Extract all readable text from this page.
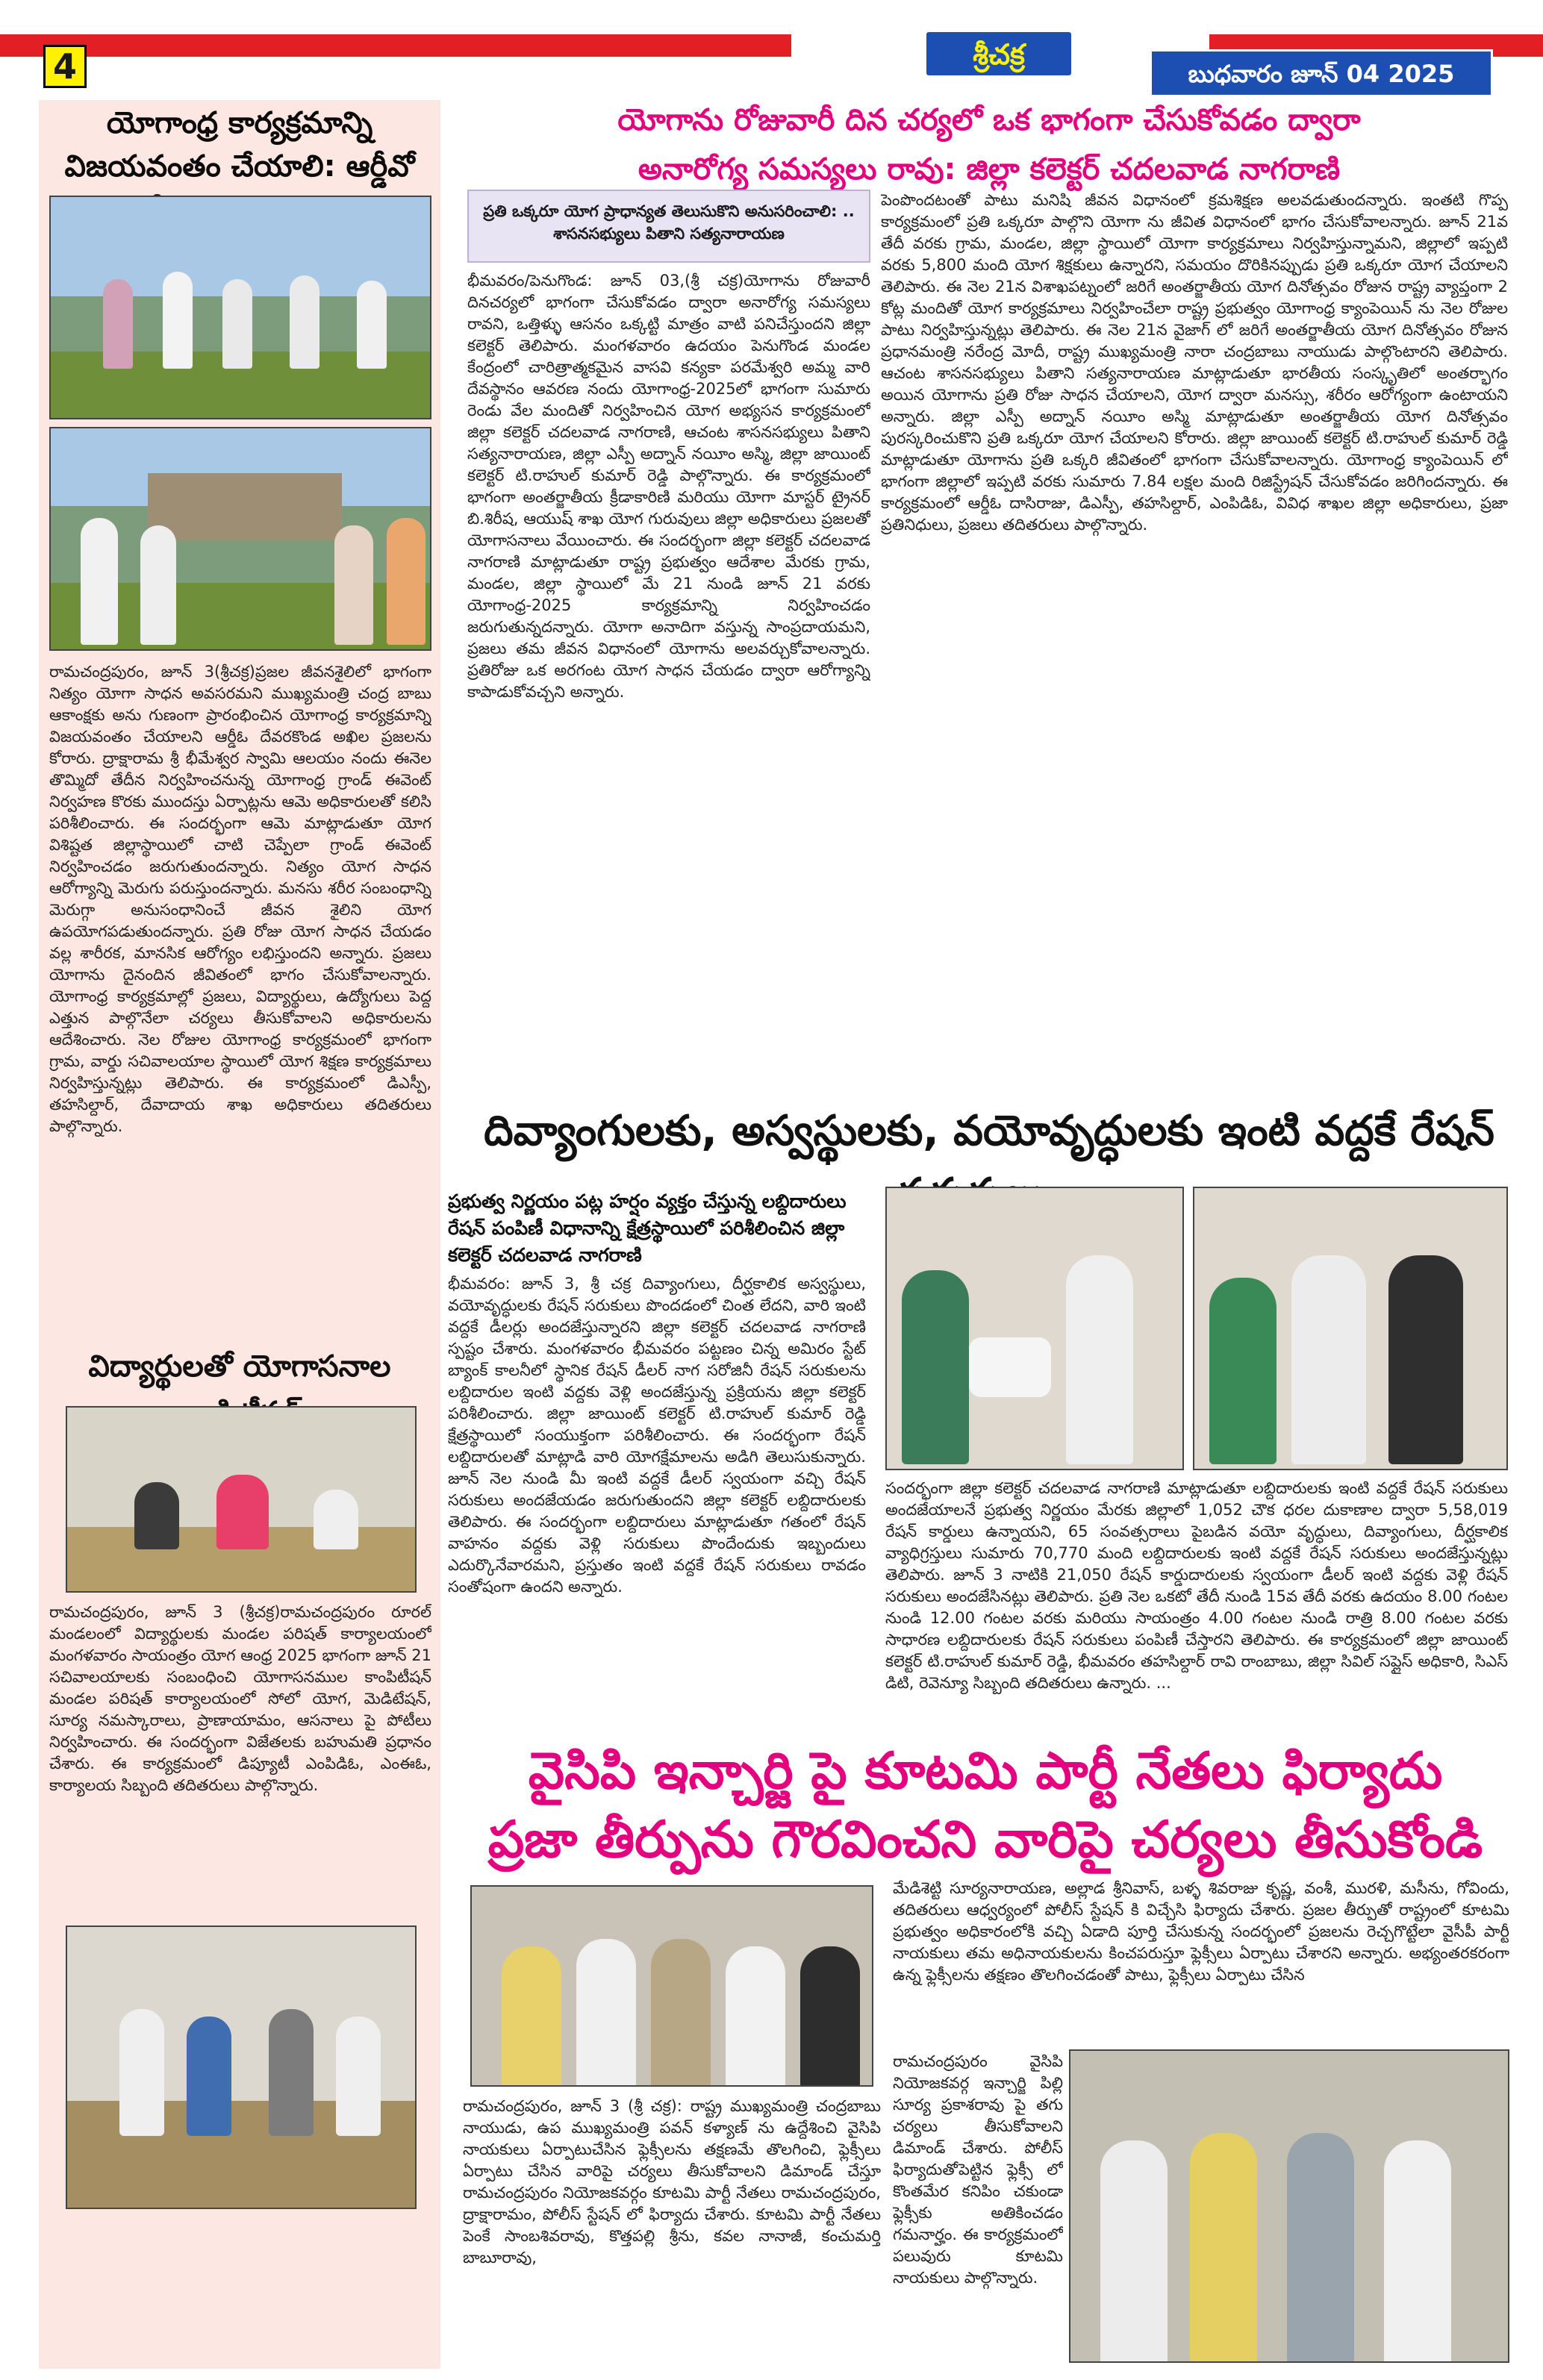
4	శ్రీచక్ర
బుధవారం జూన్ 04 2025
యోగాంధ్ర కార్యక్రమాన్ని విజయవంతం చేయాలి: ఆర్డీవో
రామచంద్రపురం, జూన్ 3(శ్రీచక్ర)ప్రజల జీవనశైలిలో భాగంగా నిత్యం యోగా సాధన అవసరమని ముఖ్యమంత్రి చంద్ర బాబు ఆకాంక్షకు అను గుణంగా ప్రారంభించిన యోగాంధ్ర కార్యక్రమాన్ని విజయవంతం చేయాలని ఆర్డీఓ దేవరకొండ అఖిల ప్రజలను కోరారు. ద్రాక్షారామ శ్రీ భీమేశ్వర స్వామి ఆలయం నందు ఈనెల తొమ్మిదో తేదీన నిర్వహించనున్న యోగాంధ్ర గ్రాండ్ ఈవెంట్ నిర్వహణ కొరకు ముందస్తు ఏర్పాట్లను ఆమె అధికారులతో కలిసి పరిశీలించారు. ఈ సందర్భంగా ఆమె మాట్లాడుతూ యోగ విశిష్టత జిల్లాస్థాయిలో చాటి చెప్పేలా గ్రాండ్ ఈవెంట్ నిర్వహించడం జరుగుతుందన్నారు. నిత్యం యోగ సాధన ఆరోగ్యాన్ని మెరుగు పరుస్తుందన్నారు. మనసు శరీర సంబంధాన్ని మెరుగ్గా అనుసంధానించే జీవన శైలిని యోగ ఉపయోగపడుతుందన్నారు. ప్రతి రోజు యోగ సాధన చేయడం వల్ల శారీరక, మానసిక ఆరోగ్యం లభిస్తుందని అన్నారు. ప్రజలు యోగాను దైనందిన జీవితంలో భాగం చేసుకోవాలన్నారు. యోగాంధ్ర కార్యక్రమాల్లో ప్రజలు, విద్యార్థులు, ఉద్యోగులు పెద్ద ఎత్తున పాల్గొనేలా చర్యలు తీసుకోవాలని అధికారులను ఆదేశించారు. నెల రోజుల యోగాంధ్ర కార్యక్రమంలో భాగంగా గ్రామ, వార్డు సచివాలయాల స్థాయిలో యోగ శిక్షణ కార్యక్రమాలు నిర్వహిస్తున్నట్లు తెలిపారు. ఈ కార్యక్రమంలో డిఎస్పీ, తహసిల్దార్, దేవాదాయ శాఖ అధికారులు తదితరులు పాల్గొన్నారు.
విద్యార్థులతో యోగాసనాల
రామచంద్రపురం, జూన్ 3 (శ్రీచక్ర)రామచంద్రపురం రూరల్ మండలంలో విద్యార్థులకు మండల పరిషత్ కార్యాలయంలో మంగళవారం సాయంత్రం యోగ ఆంధ్ర 2025 భాగంగా జూన్ 21 సచివాలయాలకు సంబంధించి యోగాసనముల కాంపిటీషన్ మండల పరిషత్ కార్యాలయంలో సోలో యోగ, మెడిటేషన్, సూర్య నమస్కారాలు, ప్రాణాయామం, ఆసనాలు పై పోటీలు నిర్వహించారు. ఈ సందర్భంగా విజేతలకు బహుమతి ప్రధానం చేశారు. ఈ కార్యక్రమంలో డిప్యూటీ ఎంపిడిఓ, ఎంఈఓ, కార్యాలయ సిబ్బంది తదితరులు పాల్గొన్నారు.
యోగాను రోజువారీ దిన చర్యలో ఒక భాగంగా చేసుకోవడం ద్వారా
అనారోగ్య సమస్యలు రావు: జిల్లా కలెక్టర్ చదలవాడ నాగరాణి
ప్రతి ఒక్కరూ యోగ ప్రాధాన్యత తెలుసుకొని అనుసరించాలి: .. శాసనసభ్యులు పితాని సత్యనారాయణ
భీమవరం/పెనుగొండ: జూన్ 03,(శ్రీ చక్ర)యోగాను రోజువారీ దినచర్యలో భాగంగా చేసుకోవడం ద్వారా అనారోగ్య సమస్యలు రావని, ఒత్తిళ్ళు ఆసనం ఒక్కట్టి మాత్రం వాటి పనిచేస్తుందని జిల్లా కలెక్టర్ తెలిపారు. మంగళవారం ఉదయం పెనుగొండ మండల కేంద్రంలో చారిత్రాత్మకమైన వాసవి కన్యకా పరమేశ్వరి అమ్మ వారి దేవస్థానం ఆవరణ నందు యోగాంధ్ర-2025లో భాగంగా సుమారు రెండు వేల మందితో నిర్వహించిన యోగ అభ్యసన కార్యక్రమంలో జిల్లా కలెక్టర్ చదలవాడ నాగరాణి, ఆచంట శాసనసభ్యులు పితాని సత్యనారాయణ, జిల్లా ఎస్పీ అద్నాన్ నయీం అస్మి, జిల్లా జాయింట్ కలెక్టర్ టి.రాహుల్ కుమార్ రెడ్డి పాల్గొన్నారు. ఈ కార్యక్రమంలో భాగంగా అంతర్జాతీయ క్రీడాకారిణి మరియు యోగా మాస్టర్ ట్రైనర్ బి.శిరీష, ఆయుష్ శాఖ యోగ గురువులు జిల్లా అధికారులు ప్రజలతో యోగాసనాలు వేయించారు. ఈ సందర్భంగా జిల్లా కలెక్టర్ చదలవాడ నాగరాణి మాట్లాడుతూ రాష్ట్ర ప్రభుత్వం ఆదేశాల మేరకు గ్రామ, మండల, జిల్లా స్థాయిలో మే 21 నుండి జూన్ 21 వరకు యోగాంధ్ర-2025 కార్యక్రమాన్ని నిర్వహించడం జరుగుతున్నదన్నారు. యోగా అనాదిగా వస్తున్న సాంప్రదాయమని, ప్రజలు తమ జీవన విధానంలో యోగాను అలవర్చుకోవాలన్నారు. ప్రతిరోజు ఒక అరగంట యోగ సాధన చేయడం ద్వారా ఆరోగ్యాన్ని కాపాడుకోవచ్చని అన్నారు.
పెంపొందటంతో పాటు మనిషి జీవన విధానంలో క్రమశిక్షణ అలవడుతుందన్నారు. ఇంతటి గొప్ప కార్యక్రమంలో ప్రతి ఒక్కరూ పాల్గొని యోగా ను జీవిత విధానంలో భాగం చేసుకోవాలన్నారు. జూన్ 21వ తేదీ వరకు గ్రామ, మండల, జిల్లా స్థాయిలో యోగా కార్యక్రమాలు నిర్వహిస్తున్నామని, జిల్లాలో ఇప్పటి వరకు 5,800 మంది యోగ శిక్షకులు ఉన్నారని, సమయం దొరికినప్పుడు ప్రతి ఒక్కరూ యోగ చేయాలని తెలిపారు. ఈ నెల 21న విశాఖపట్నంలో జరిగే అంతర్జాతీయ యోగ దినోత్సవం రోజున రాష్ట్ర వ్యాప్తంగా 2 కోట్ల మందితో యోగ కార్యక్రమాలు నిర్వహించేలా రాష్ట్ర ప్రభుత్వం యోగాంధ్ర క్యాంపెయిన్ ను నెల రోజుల పాటు నిర్వహిస్తున్నట్లు తెలిపారు. ఈ నెల 21న వైజాగ్ లో జరిగే అంతర్జాతీయ యోగ దినోత్సవం రోజున ప్రధానమంత్రి నరేంద్ర మోదీ, రాష్ట్ర ముఖ్యమంత్రి నారా చంద్రబాబు నాయుడు పాల్గొంటారని తెలిపారు. ఆచంట శాసనసభ్యులు పితాని సత్యనారాయణ మాట్లాడుతూ భారతీయ సంస్కృతిలో అంతర్భాగం అయిన యోగాను ప్రతి రోజు సాధన చేయాలని, యోగ ద్వారా మనస్సు, శరీరం ఆరోగ్యంగా ఉంటాయని అన్నారు. జిల్లా ఎస్పీ అద్నాన్ నయీం అస్మి మాట్లాడుతూ అంతర్జాతీయ యోగ దినోత్సవం పురస్కరించుకొని ప్రతి ఒక్కరూ యోగ చేయాలని కోరారు. జిల్లా జాయింట్ కలెక్టర్ టి.రాహుల్ కుమార్ రెడ్డి మాట్లాడుతూ యోగాను ప్రతి ఒక్కరి జీవితంలో భాగంగా చేసుకోవాలన్నారు. యోగాంధ్ర క్యాంపెయిన్ లో భాగంగా జిల్లాలో ఇప్పటి వరకు సుమారు 7.84 లక్షల మంది రిజిస్ట్రేషన్ చేసుకోవడం జరిగిందన్నారు. ఈ కార్యక్రమంలో ఆర్డీఓ దాసిరాజు, డిఎస్పీ, తహసిల్దార్, ఎంపిడిఓ, వివిధ శాఖల జిల్లా అధికారులు, ప్రజా ప్రతినిధులు, ప్రజలు తదితరులు పాల్గొన్నారు.
దివ్యాంగులకు, అస్వస్థులకు, వయోవృద్ధులకు ఇంటి వద్దకే రేషన్
ప్రభుత్వ నిర్ణయం పట్ల హర్షం వ్యక్తం చేస్తున్న లబ్దిదారులు రేషన్ పంపిణీ విధానాన్ని క్షేత్రస్థాయిలో పరిశీలించిన జిల్లా కలెక్టర్ చదలవాడ నాగరాణి
భీమవరం: జూన్ 3, శ్రీ చక్ర దివ్యాంగులు, దీర్ఘకాలిక అస్వస్థులు, వయోవృద్ధులకు రేషన్ సరుకులు పొందడంలో చింత లేదని, వారి ఇంటి వద్దకే డీలర్లు అందజేస్తున్నారని జిల్లా కలెక్టర్ చదలవాడ నాగరాణి స్పష్టం చేశారు. మంగళవారం భీమవరం పట్టణం చిన్న అమిరం స్టేట్ బ్యాంక్ కాలనీలో స్థానిక రేషన్ డీలర్ నాగ సరోజినీ రేషన్ సరుకులను లబ్దిదారుల ఇంటి వద్దకు వెళ్లి అందజేస్తున్న ప్రక్రియను జిల్లా కలెక్టర్ పరిశీలించారు. జిల్లా జాయింట్ కలెక్టర్ టి.రాహుల్ కుమార్ రెడ్డి క్షేత్రస్థాయిలో సంయుక్తంగా పరిశీలించారు. ఈ సందర్భంగా రేషన్ లబ్దిదారులతో మాట్లాడి వారి యోగక్షేమాలను అడిగి తెలుసుకున్నారు. జూన్ నెల నుండి మీ ఇంటి వద్దకే డీలర్ స్వయంగా వచ్చి రేషన్ సరుకులు అందజేయడం జరుగుతుందని జిల్లా కలెక్టర్ లబ్దిదారులకు తెలిపారు. ఈ సందర్భంగా లబ్దిదారులు మాట్లాడుతూ గతంలో రేషన్ వాహనం వద్దకు వెళ్లి సరుకులు పొందేందుకు ఇబ్బందులు ఎదుర్కొనేవారమని, ప్రస్తుతం ఇంటి వద్దకే రేషన్ సరుకులు రావడం సంతోషంగా ఉందని అన్నారు.
సందర్భంగా జిల్లా కలెక్టర్ చదలవాడ నాగరాణి మాట్లాడుతూ లబ్దిదారులకు ఇంటి వద్దకే రేషన్ సరుకులు అందజేయాలనే ప్రభుత్వ నిర్ణయం మేరకు జిల్లాలో 1,052 చౌక ధరల దుకాణాల ద్వారా 5,58,019 రేషన్ కార్డులు ఉన్నాయని, 65 సంవత్సరాలు పైబడిన వయో వృద్ధులు, దివ్యాంగులు, దీర్ఘకాలిక వ్యాధిగ్రస్తులు సుమారు 70,770 మంది లబ్దిదారులకు ఇంటి వద్దకే రేషన్ సరుకులు అందజేస్తున్నట్లు తెలిపారు. జూన్ 3 నాటికి 21,050 రేషన్ కార్డుదారులకు స్వయంగా డీలర్ ఇంటి వద్దకు వెళ్లి రేషన్ సరుకులు అందజేసినట్లు తెలిపారు. ప్రతి నెల ఒకటో తేదీ నుండి 15వ తేదీ వరకు ఉదయం 8.00 గంటల నుండి 12.00 గంటల వరకు మరియు సాయంత్రం 4.00 గంటల నుండి రాత్రి 8.00 గంటల వరకు సాధారణ లబ్దిదారులకు రేషన్ సరుకులు పంపిణీ చేస్తారని తెలిపారు. ఈ కార్యక్రమంలో జిల్లా జాయింట్ కలెక్టర్ టి.రాహుల్ కుమార్ రెడ్డి, భీమవరం తహసిల్దార్ రావి రాంబాబు, జిల్లా సివిల్ సప్లైస్ అధికారి, సిఎస్ డిటి, రెవెన్యూ సిబ్బంది తదితరులు ఉన్నారు. ...
వైసిపి ఇన్చార్జి పై కూటమి పార్టీ నేతలు ఫిర్యాదు
ప్రజా తీర్పును గౌరవించని వారిపై చర్యలు తీసుకోండి
రామచంద్రపురం, జూన్ 3 (శ్రీ చక్ర): రాష్ట్ర ముఖ్యమంత్రి చంద్రబాబు నాయుడు, ఉప ముఖ్యమంత్రి పవన్ కళ్యాణ్ ను ఉద్దేశించి వైసిపి నాయకులు ఏర్పాటుచేసిన ఫ్లెక్సీలను తక్షణమే తొలగించి, ఫ్లెక్సీలు ఏర్పాటు చేసిన వారిపై చర్యలు తీసుకోవాలని డిమాండ్ చేస్తూ రామచంద్రపురం నియోజకవర్గం కూటమి పార్టీ నేతలు రామచంద్రపురం, ద్రాక్షారామం, పోలీస్ స్టేషన్ లో ఫిర్యాదు చేశారు. కూటమి పార్టీ నేతలు పెంకే సాంబశివరావు, కొత్తపల్లి శ్రీను, కవల నానాజీ, కంచుమర్తి బాబూరావు,
మేడిశెట్టి సూర్యనారాయణ, అల్లాడ శ్రీనివాస్, బళ్ళ శివరాజు కృష్ణ, వంశీ, మురళి, మసీను, గోవిందు, తదితరులు ఆధ్వర్యంలో పోలీస్ స్టేషన్ కి విచ్చేసి ఫిర్యాదు చేశారు. ప్రజల తీర్పుతో రాష్ట్రంలో కూటమి ప్రభుత్వం అధికారంలోకి వచ్చి ఏడాది పూర్తి చేసుకున్న సందర్భంలో ప్రజలను రెచ్చగొట్టేలా వైసీపీ పార్టీ నాయకులు తమ అధినాయకులను కించపరుస్తూ ఫ్లెక్సీలు ఏర్పాటు చేశారని అన్నారు. అభ్యంతరకరంగా ఉన్న ఫ్లెక్సీలను తక్షణం తొలగించడంతో పాటు, ఫ్లెక్సీలు ఏర్పాటు చేసిన
రామచంద్రపురం వైసిపి నియోజకవర్గ ఇన్చార్జి పిల్లి సూర్య ప్రకాశరావు పై తగు చర్యలు తీసుకోవాలని డిమాండ్ చేశారు. పోలీస్ ఫిర్యాదుతోపెట్టిన ఫ్లెక్సీ లో కొంతమేర కనిపిం చకుండా ఫ్లెక్సీకు అతికించడం గమనార్హం. ఈ కార్యక్రమంలో పలువురు కూటమి నాయకులు పాల్గొన్నారు.
